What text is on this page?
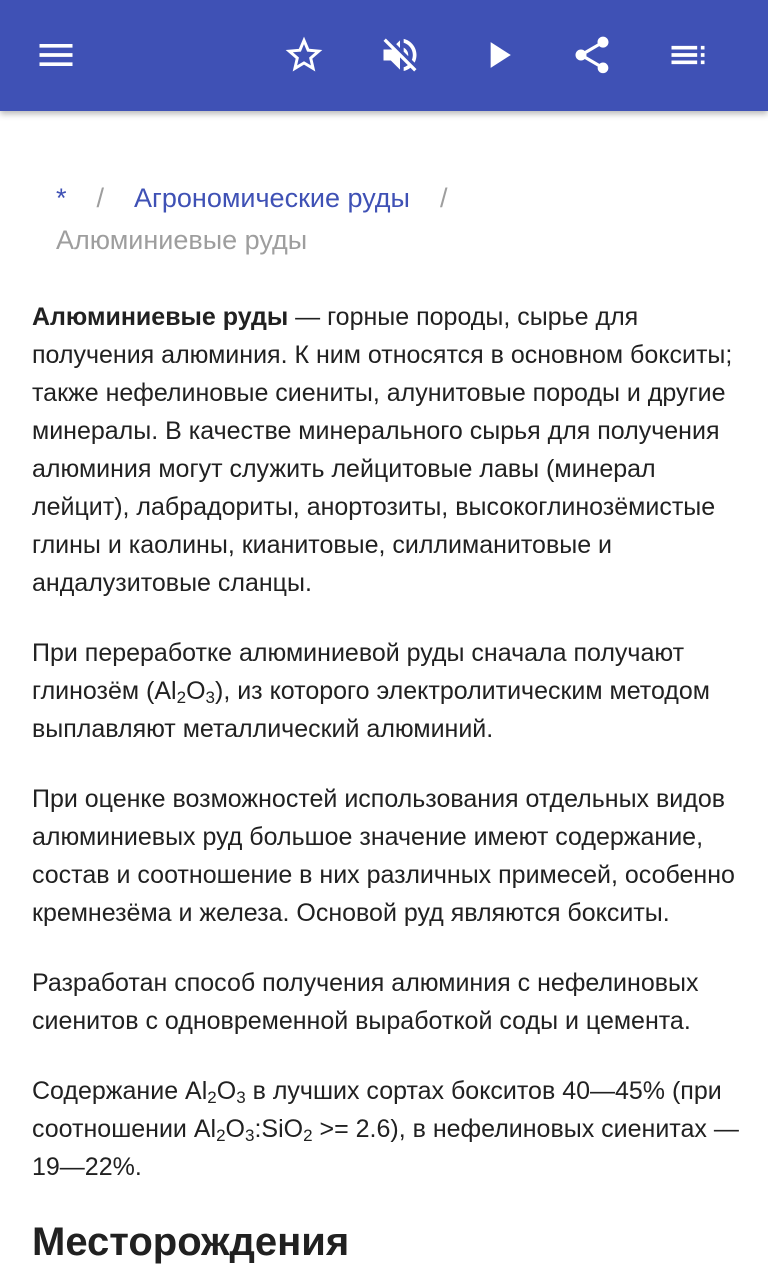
* / Агрономические руды /
Алюминиевые руды

Алюминиевые руды — горные породы, сырье для получения алюминия. К ним относятся в основном бокситы; также нефелиновые сиениты, алунитовые породы и другие минералы. В качестве минерального сырья для получения алюминия могут служить лейцитовые лавы (минерал лейцит), лабрадориты, анортозиты, высокоглинозёмистые глины и каолины, кианитовые, силлиманитовые и андалузитовые сланцы.

При переработке алюминиевой руды сначала получают глинозём $(Al_2O_3)$, из которого электролитическим методом выплавляют металлический алюминий.

При оценке возможностей использования отдельных видов алюминиевых руд большое значение имеют содержание, состав и соотношение в них различных примесей, особенно кремнезёма и железа. Основой руд являются бокситы.

Разработан способ получения алюминия с нефелиновых сиенитов с одновременной выработкой соды и цемента.

Содержание $Al_2O_3$ в лучших сортах бокситов 40—45% (при соотношении $Al_2O_3:SiO_2 >= 2.6$), в нефелиновых сиенитах — 19—22%.

Месторождения
